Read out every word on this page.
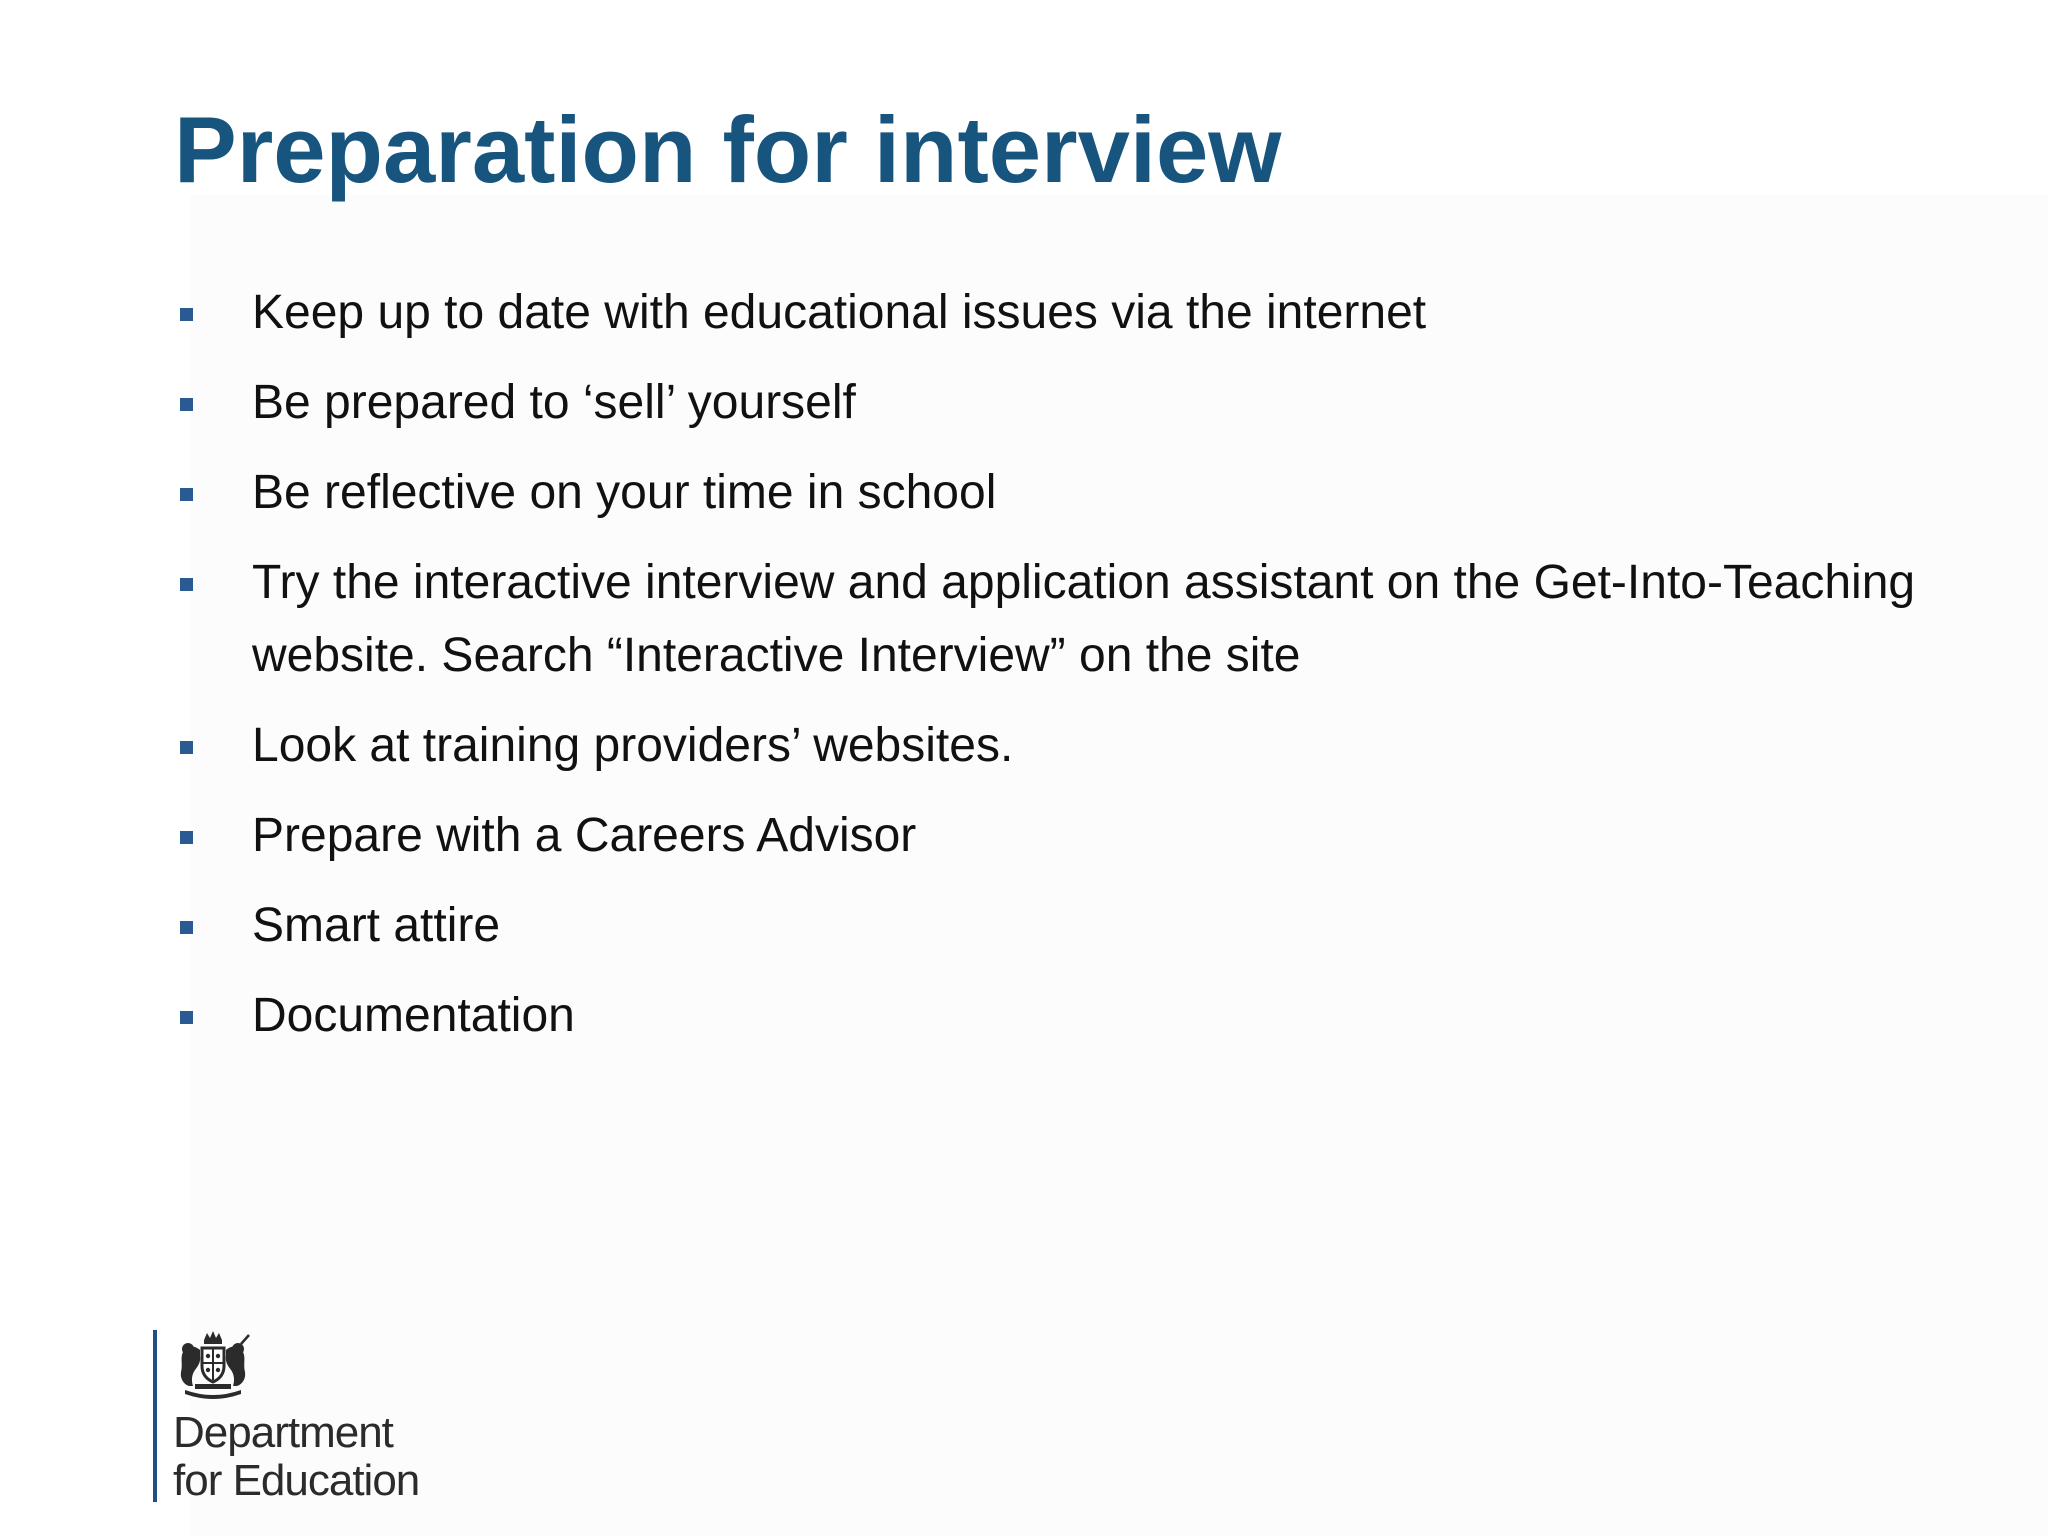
Preparation for interview
Keep up to date with educational issues via the internet
Be prepared to ‘sell’ yourself
Be reflective on your time in school
Try the interactive interview and application assistant on the Get-Into-Teaching website. Search “Interactive Interview” on the site
Look at training providers’ websites.
Prepare with a Careers Advisor
Smart attire
Documentation
Department
for Education
